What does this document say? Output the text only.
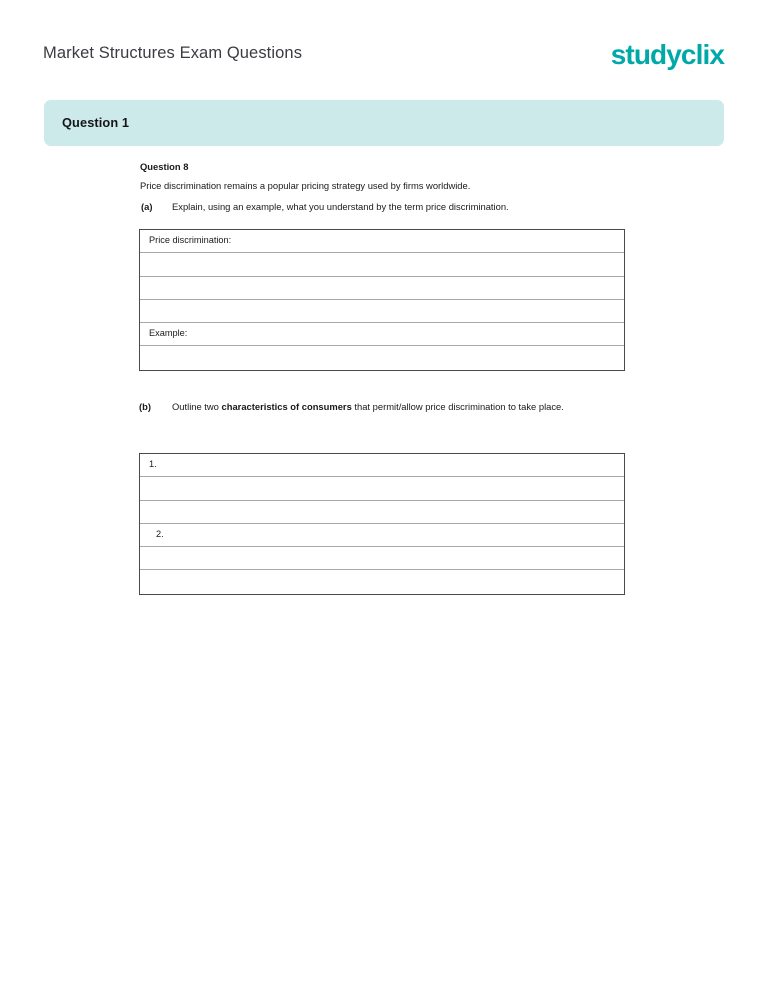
Market Structures Exam Questions	studyclix
Question 1
Question 8
Price discrimination remains a popular pricing strategy used by firms worldwide.
(a) Explain, using an example, what you understand by the term price discrimination.
Price discrimination:
Example:
(b) Outline two characteristics of consumers that permit/allow price discrimination to take place.
1.
2.
